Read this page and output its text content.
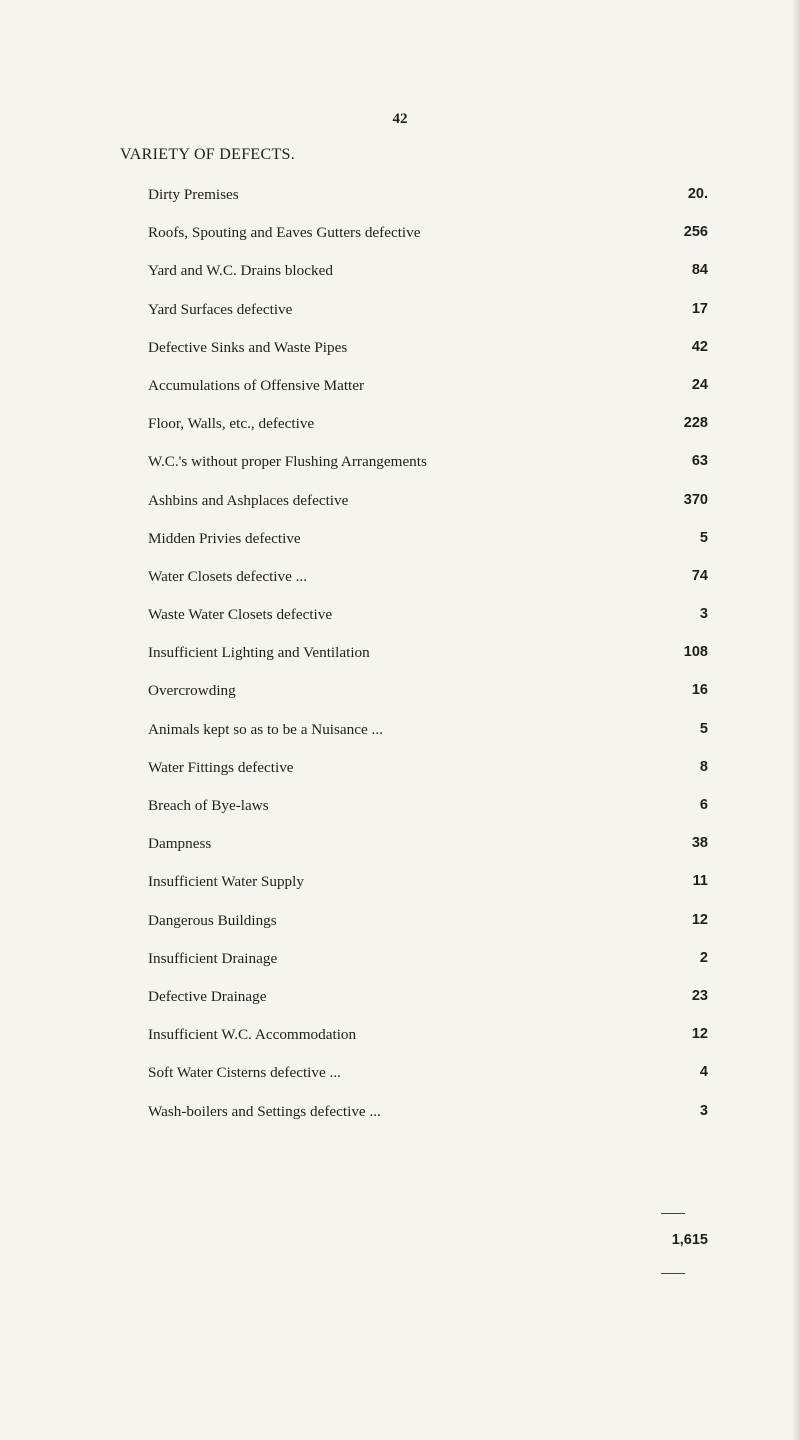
42
VARIETY OF DEFECTS.
Dirty Premises	20.
Roofs, Spouting and Eaves Gutters defective	256
Yard and W.C. Drains blocked	84
Yard Surfaces defective	17
Defective Sinks and Waste Pipes	42
Accumulations of Offensive Matter	24
Floor, Walls, etc., defective	228
W.C.'s without proper Flushing Arrangements	63
Ashbins and Ashplaces defective	370
Midden Privies defective	5
Water Closets defective ...	74
Waste Water Closets defective	3
Insufficient Lighting and Ventilation	108
Overcrowding	16
Animals kept so as to be a Nuisance ...	5
Water Fittings defective	8
Breach of Bye-laws	6
Dampness	38
Insufficient Water Supply	11
Dangerous Buildings	12
Insufficient Drainage	2
Defective Drainage	23
Insufficient W.C. Accommodation	12
Soft Water Cisterns defective ...	4
Wash-boilers and Settings defective ...	3
1,615
